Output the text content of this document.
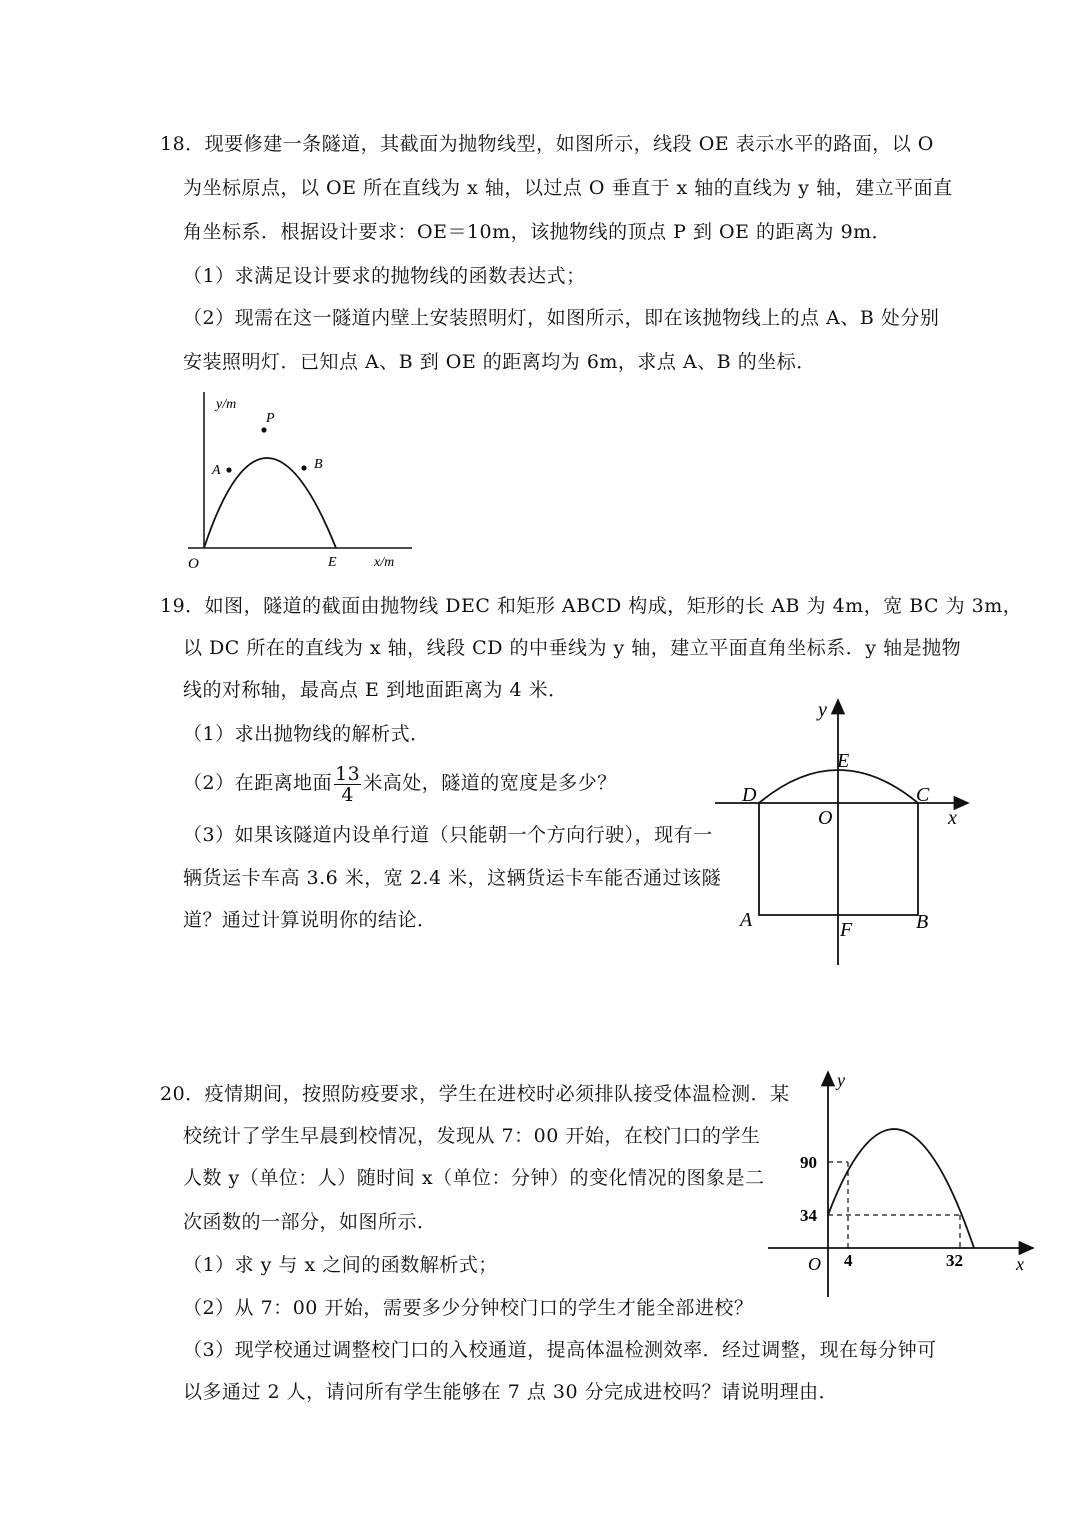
18．现要修建一条隧道，其截面为抛物线型，如图所示，线段 OE 表示水平的路面，以 O
为坐标原点，以 OE 所在直线为 x 轴，以过点 O 垂直于 x 轴的直线为 y 轴，建立平面直
角坐标系．根据设计要求：OE＝10m，该抛物线的顶点 P 到 OE 的距离为 9m．
（1）求满足设计要求的抛物线的函数表达式；
（2）现需在这一隧道内壁上安装照明灯，如图所示，即在该抛物线上的点 A、B 处分别
安装照明灯．已知点 A、B 到 OE 的距离均为 6m，求点 A、B 的坐标．
y/m
x/m
O
P
A	B
E
19．如图，隧道的截面由抛物线 DEC 和矩形 ABCD 构成，矩形的长 AB 为 4m，宽 BC 为 3m，
以 DC 所在的直线为 x 轴，线段 CD 的中垂线为 y 轴，建立平面直角坐标系．y 轴是抛物
线的对称轴，最高点 E 到地面距离为 4 米．
（1）求出抛物线的解析式．
（2）在距离地面 $\frac{13}{4}$ 米高处，隧道的宽度是多少？
（3）如果该隧道内设单行道（只能朝一个方向行驶），现有一
辆货运卡车高 3.6 米，宽 2.4 米，这辆货运卡车能否通过该隧
道？通过计算说明你的结论．
y
x
O
D
E
C
A	F	B
20．疫情期间，按照防疫要求，学生在进校时必须排队接受体温检测．某
校统计了学生早晨到校情况，发现从 7：00 开始，在校门口的学生
人数 y（单位：人）随时间 x（单位：分钟）的变化情况的图象是二
次函数的一部分，如图所示．
（1）求 y 与 x 之间的函数解析式；
（2）从 7：00 开始，需要多少分钟校门口的学生才能全部进校？
（3）现学校通过调整校门口的入校通道，提高体温检测效率．经过调整，现在每分钟可
以多通过 2 人，请问所有学生能够在 7 点 30 分完成进校吗？请说明理由．
y
x
O
90
34
4	32
